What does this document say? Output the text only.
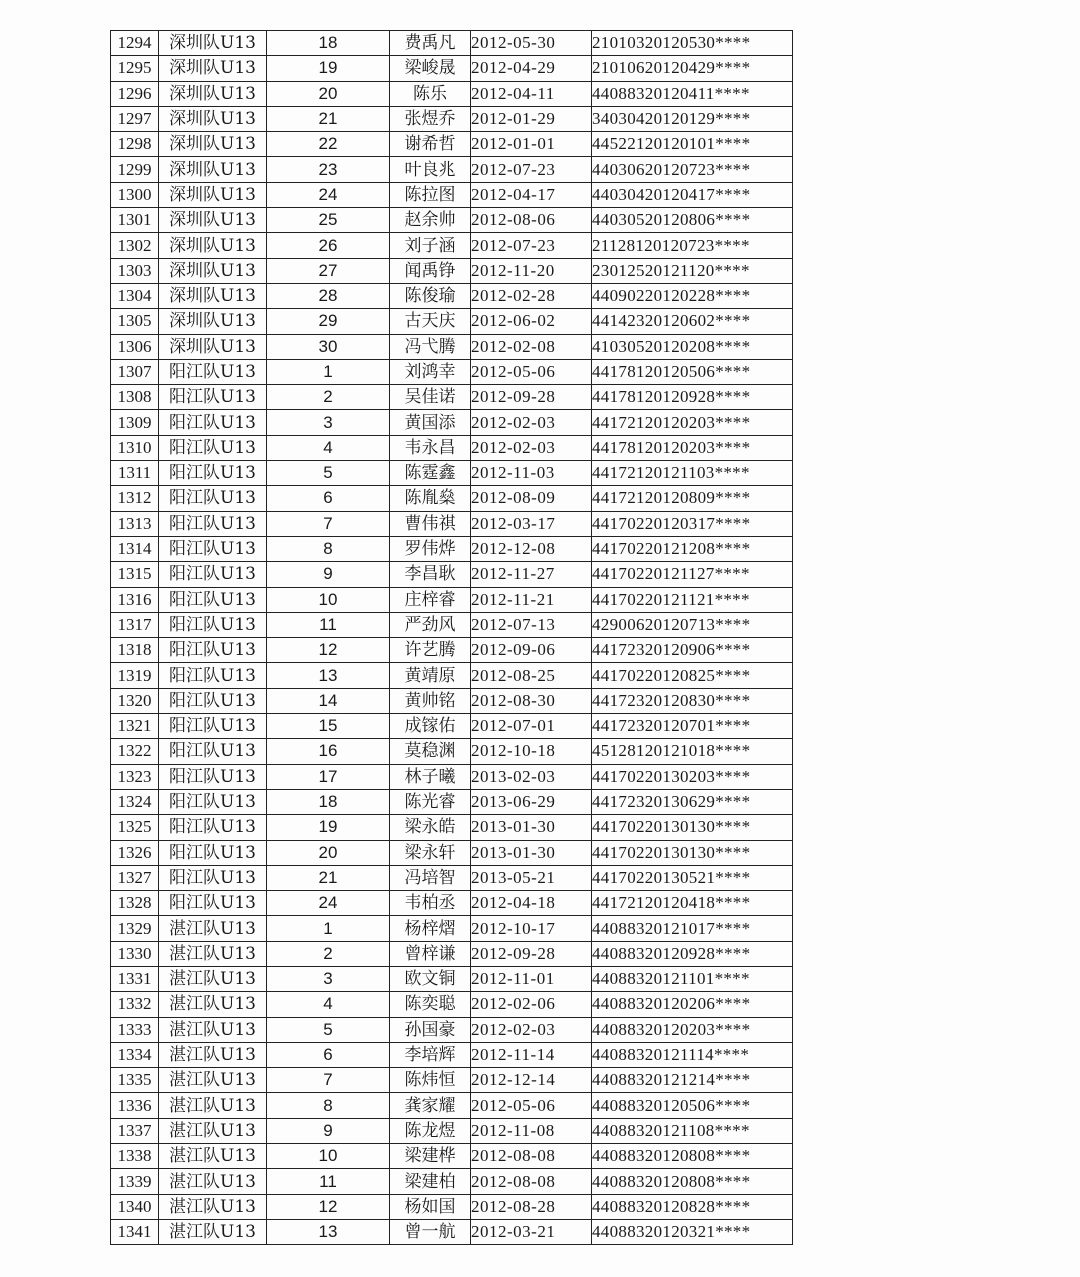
1294	深圳队U13	18	费禹凡	2012-05-30	21010320120530****
1295	深圳队U13	19	梁峻晟	2012-04-29	21010620120429****
1296	深圳队U13	20	陈乐	2012-04-11	44088320120411****
1297	深圳队U13	21	张煜乔	2012-01-29	34030420120129****
1298	深圳队U13	22	谢希哲	2012-01-01	44522120120101****
1299	深圳队U13	23	叶良兆	2012-07-23	44030620120723****
1300	深圳队U13	24	陈拉图	2012-04-17	44030420120417****
1301	深圳队U13	25	赵余帅	2012-08-06	44030520120806****
1302	深圳队U13	26	刘子涵	2012-07-23	21128120120723****
1303	深圳队U13	27	闻禹铮	2012-11-20	23012520121120****
1304	深圳队U13	28	陈俊瑜	2012-02-28	44090220120228****
1305	深圳队U13	29	古天庆	2012-06-02	44142320120602****
1306	深圳队U13	30	冯弋腾	2012-02-08	41030520120208****
1307	阳江队U13	1	刘鸿幸	2012-05-06	44178120120506****
1308	阳江队U13	2	吴佳诺	2012-09-28	44178120120928****
1309	阳江队U13	3	黄国添	2012-02-03	44172120120203****
1310	阳江队U13	4	韦永昌	2012-02-03	44178120120203****
1311	阳江队U13	5	陈霆鑫	2012-11-03	44172120121103****
1312	阳江队U13	6	陈胤燊	2012-08-09	44172120120809****
1313	阳江队U13	7	曹伟祺	2012-03-17	44170220120317****
1314	阳江队U13	8	罗伟烨	2012-12-08	44170220121208****
1315	阳江队U13	9	李昌耿	2012-11-27	44170220121127****
1316	阳江队U13	10	庄梓睿	2012-11-21	44170220121121****
1317	阳江队U13	11	严劲风	2012-07-13	42900620120713****
1318	阳江队U13	12	许艺腾	2012-09-06	44172320120906****
1319	阳江队U13	13	黄靖原	2012-08-25	44170220120825****
1320	阳江队U13	14	黄帅铭	2012-08-30	44172320120830****
1321	阳江队U13	15	成镓佑	2012-07-01	44172320120701****
1322	阳江队U13	16	莫稳渊	2012-10-18	45128120121018****
1323	阳江队U13	17	林子曦	2013-02-03	44170220130203****
1324	阳江队U13	18	陈光睿	2013-06-29	44172320130629****
1325	阳江队U13	19	梁永皓	2013-01-30	44170220130130****
1326	阳江队U13	20	梁永轩	2013-01-30	44170220130130****
1327	阳江队U13	21	冯培智	2013-05-21	44170220130521****
1328	阳江队U13	24	韦柏丞	2012-04-18	44172120120418****
1329	湛江队U13	1	杨梓熠	2012-10-17	44088320121017****
1330	湛江队U13	2	曾梓谦	2012-09-28	44088320120928****
1331	湛江队U13	3	欧文铜	2012-11-01	44088320121101****
1332	湛江队U13	4	陈奕聪	2012-02-06	44088320120206****
1333	湛江队U13	5	孙国豪	2012-02-03	44088320120203****
1334	湛江队U13	6	李培辉	2012-11-14	44088320121114****
1335	湛江队U13	7	陈炜恒	2012-12-14	44088320121214****
1336	湛江队U13	8	龚家耀	2012-05-06	44088320120506****
1337	湛江队U13	9	陈龙煜	2012-11-08	44088320121108****
1338	湛江队U13	10	梁建桦	2012-08-08	44088320120808****
1339	湛江队U13	11	梁建柏	2012-08-08	44088320120808****
1340	湛江队U13	12	杨如国	2012-08-28	44088320120828****
1341	湛江队U13	13	曾一航	2012-03-21	44088320120321****
